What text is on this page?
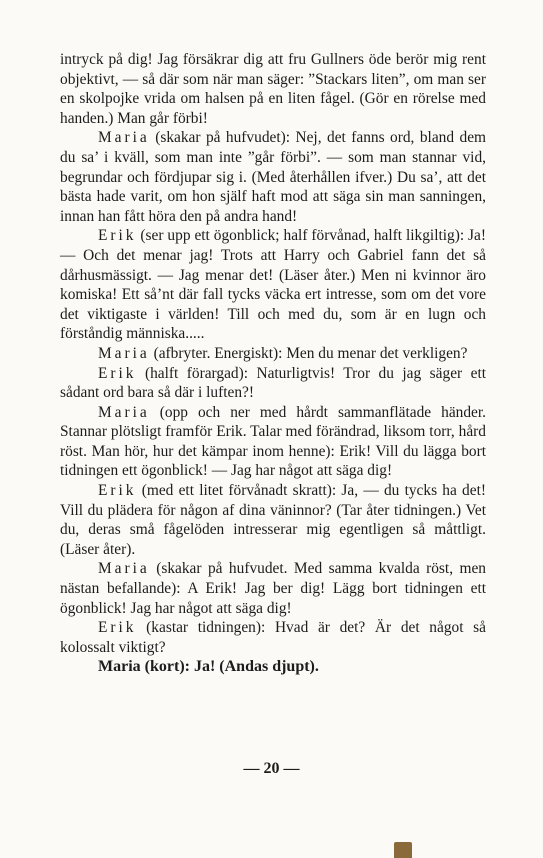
intryck på dig! Jag försäkrar dig att fru Gullners öde berör mig rent objektivt, — så där som när man säger: ”Stackars liten”, om man ser en skolpojke vrida om halsen på en liten fågel. (Gör en rörelse med handen.) Man går förbi!

Maria (skakar på hufvudet): Nej, det fanns ord, bland dem du sa’ i kväll, som man inte ”går förbi”. — som man stannar vid, begrundar och fördjupar sig i. (Med återhållen ifver.) Du sa’, att det bästa hade varit, om hon själf haft mod att säga sin man sanningen, innan han fått höra den på andra hand!

Erik (ser upp ett ögonblick; half förvånad, halft likgiltig): Ja! — Och det menar jag! Trots att Harry och Gabriel fann det så dårhusmässigt. — Jag menar det! (Läser åter.) Men ni kvinnor äro komiska! Ett så’nt där fall tycks väcka ert intresse, som om det vore det viktigaste i världen! Till och med du, som är en lugn och förståndig människa.....

Maria (afbryter. Energiskt): Men du menar det verkligen?

Erik (halft förargad): Naturligtvis! Tror du jag säger ett sådant ord bara så där i luften?!

Maria (opp och ner med hårdt sammanflätade händer. Stannar plötsligt framför Erik. Talar med förändrad, liksom torr, hård röst. Man hör, hur det kämpar inom henne): Erik! Vill du lägga bort tidningen ett ögonblick! — Jag har något att säga dig!

Erik (med ett litet förvånadt skratt): Ja, — du tycks ha det! Vill du plädera för någon af dina väninnor? (Tar åter tidningen.) Vet du, deras små fågelöden intresserar mig egentligen så måttligt. (Läser åter).

Maria (skakar på hufvudet. Med samma kvalda röst, men nästan befallande): A Erik! Jag ber dig! Lägg bort tidningen ett ögonblick! Jag har något att säga dig!

Erik (kastar tidningen): Hvad är det? Är det något så kolossalt viktigt?

Maria (kort): Ja! (Andas djupt).

— 20 —
